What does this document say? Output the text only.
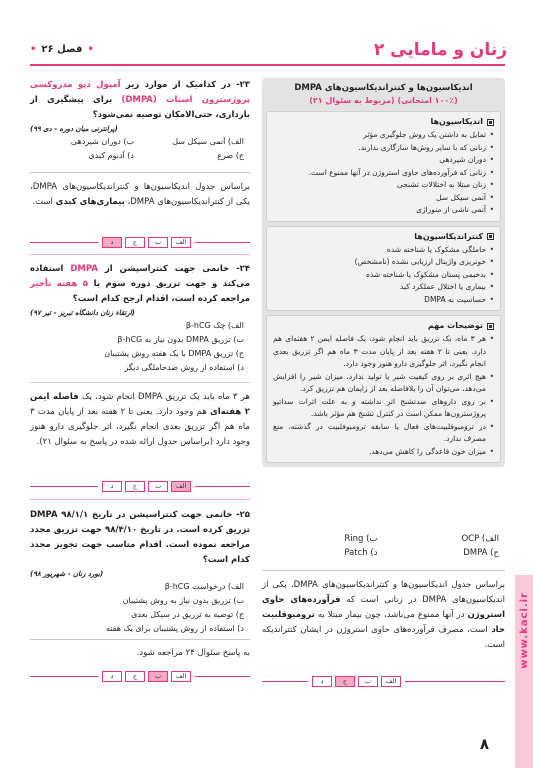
زنان و مامایی ۲
•
فصل ۲۶
•
اندیکاسیون‌ها و کنتراندیکاسیون‌های DMPA
(۱۰۰٪ امتحانی) (مربوط به سئوال ۲۱)
اندیکاسیون‌ها
• تمایل به داشتن یک روش جلوگیری مؤثر
• زنانی که با سایر روش‌ها سازگاری ندارند.
• دوران شیردهی
• زنانی که فرآورده‌های حاوی استروژن در آنها ممنوع است.
• زنان مبتلا به اختلالات تشنجی
• آنمی سیکل سل
• آنمی ناشی از منوراژی
کنتراندیکاسیون‌ها
• حاملگی مشکوک یا شناخته شده
• خونریزی واژینال ارزیابی نشده (نامشخص)
• بدخیمی پستان مشکوک یا شناخته شده
• بیماری یا اختلال عملکرد کبد
• حساسیت به DMPA
توضیحات مهم
• هر ۳ ماه، یک تزریق باید انجام شود، یک فاصله ایمن ۲ هفته‌ای هم دارد. یعنی تا ۲ هفته بعد از پایان مدت ۳ ماه هم اگر تزریق بعدی انجام نگیرد، اثر جلوگیری دارو هنوز وجود دارد.
• هیچ اثری بر روی کیفیت شیر یا تولید ندارد، میزان شیر را افزایش می‌دهد، می‌توان آن را بلافاصله بعد از زایمان هم تزریق کرد.
• بر روی داروهای ضدتشنج اثر نداشته و به علت اثرات سداتیو پروژسترون‌ها ممکن است در کنترل تشنج هم مؤثر باشد.
• در ترومبوفلبیت‌های فعال یا سابقه ترومبوفلبیت در گذشته، منع مصرف ندارد.
• میزان خون قاعدگی را کاهش می‌دهد.
الف) OCP
ب) Ring
ج) DMPA
د) Patch
براساس جدول اندیکاسیون‌ها و کنتراندیکاسیون‌های DMPA، یکی از اندیکاسیون‌های DMPA در زنانی است که فرآورده‌های حاوی استروژن در آنها ممنوع می‌باشد، چون بیمار مبتلا به ترومبوفلبیت حاد است، مصرف فرآورده‌های حاوی استروژن در ایشان کنتراندیکه است.
الف
ب
ج
د
۲۳- در کدامیک از موارد زیر آمپول دپو مدروکسی پروژسترون استات (DMPA) برای پیشگیری از بارداری، حتی‌الامکان توصیه نمی‌شود؟
(پرانترنی میان دوره - دی ۹۹)
الف) آنمی سیکل سل
ب) دوران شیردهی
ج) صرع
د) آدنوم کبدی
براساس جدول اندیکاسیون‌ها و کنتراندیکاسیون‌های DMPA، یکی از کنتراندیکاسیون‌های DMPA، بیماری‌های کبدی است.
الف
ب
ج
د
۲۴- خانمی جهت کنتراسپشن از DMPA استفاده می‌کند و جهت تزریق دوره سوم با ۵ هفته تأخیر مراجعه کرده است، اقدام ارجح کدام است؟
(ارتقاء زنان دانشگاه تبریز - تیر ۹۷)
الف) چک β-hCG
ب) تزریق DMPA بدون نیاز به β-hCG
ج) تزریق DMPA با یک هفته روش پشتیبان
د) استفاده از روش ضدحاملگی دیگر
هر ۳ ماه باید یک تزریق DMPA انجام شود، یک فاصله ایمن ۲ هفته‌ای هم وجود دارد. یعنی تا ۲ هفته بعد از پایان مدت ۳ ماه هم اگر تزریق بعدی انجام نگیرد، اثر جلوگیری دارو هنوز وجود دارد (براساس جدول ارائه شده در پاسخ به سئوال ۲۱).
الف
ب
ج
د
۲۵- خانمی جهت کنتراسپشن در تاریخ ۹۸/۱/۱ DMPA تزریق کرده است. در تاریخ ۹۸/۴/۱۰ جهت تزریق مجدد مراجعه نموده است. اقدام مناسب جهت تجویز مجدد کدام است؟
(بورد زنان - شهریور ۹۸)
الف) درخواست β-hCG
ب) تزریق بدون نیاز به روش پشتیبان
ج) توصیه به تزریق در سیکل بعدی
د) استفاده از روش پشتیبان برای یک هفته
به پاسخ سئوال ۲۴ مراجعه شود.
الف
ب
ج
د
www.kaci.ir
۸
